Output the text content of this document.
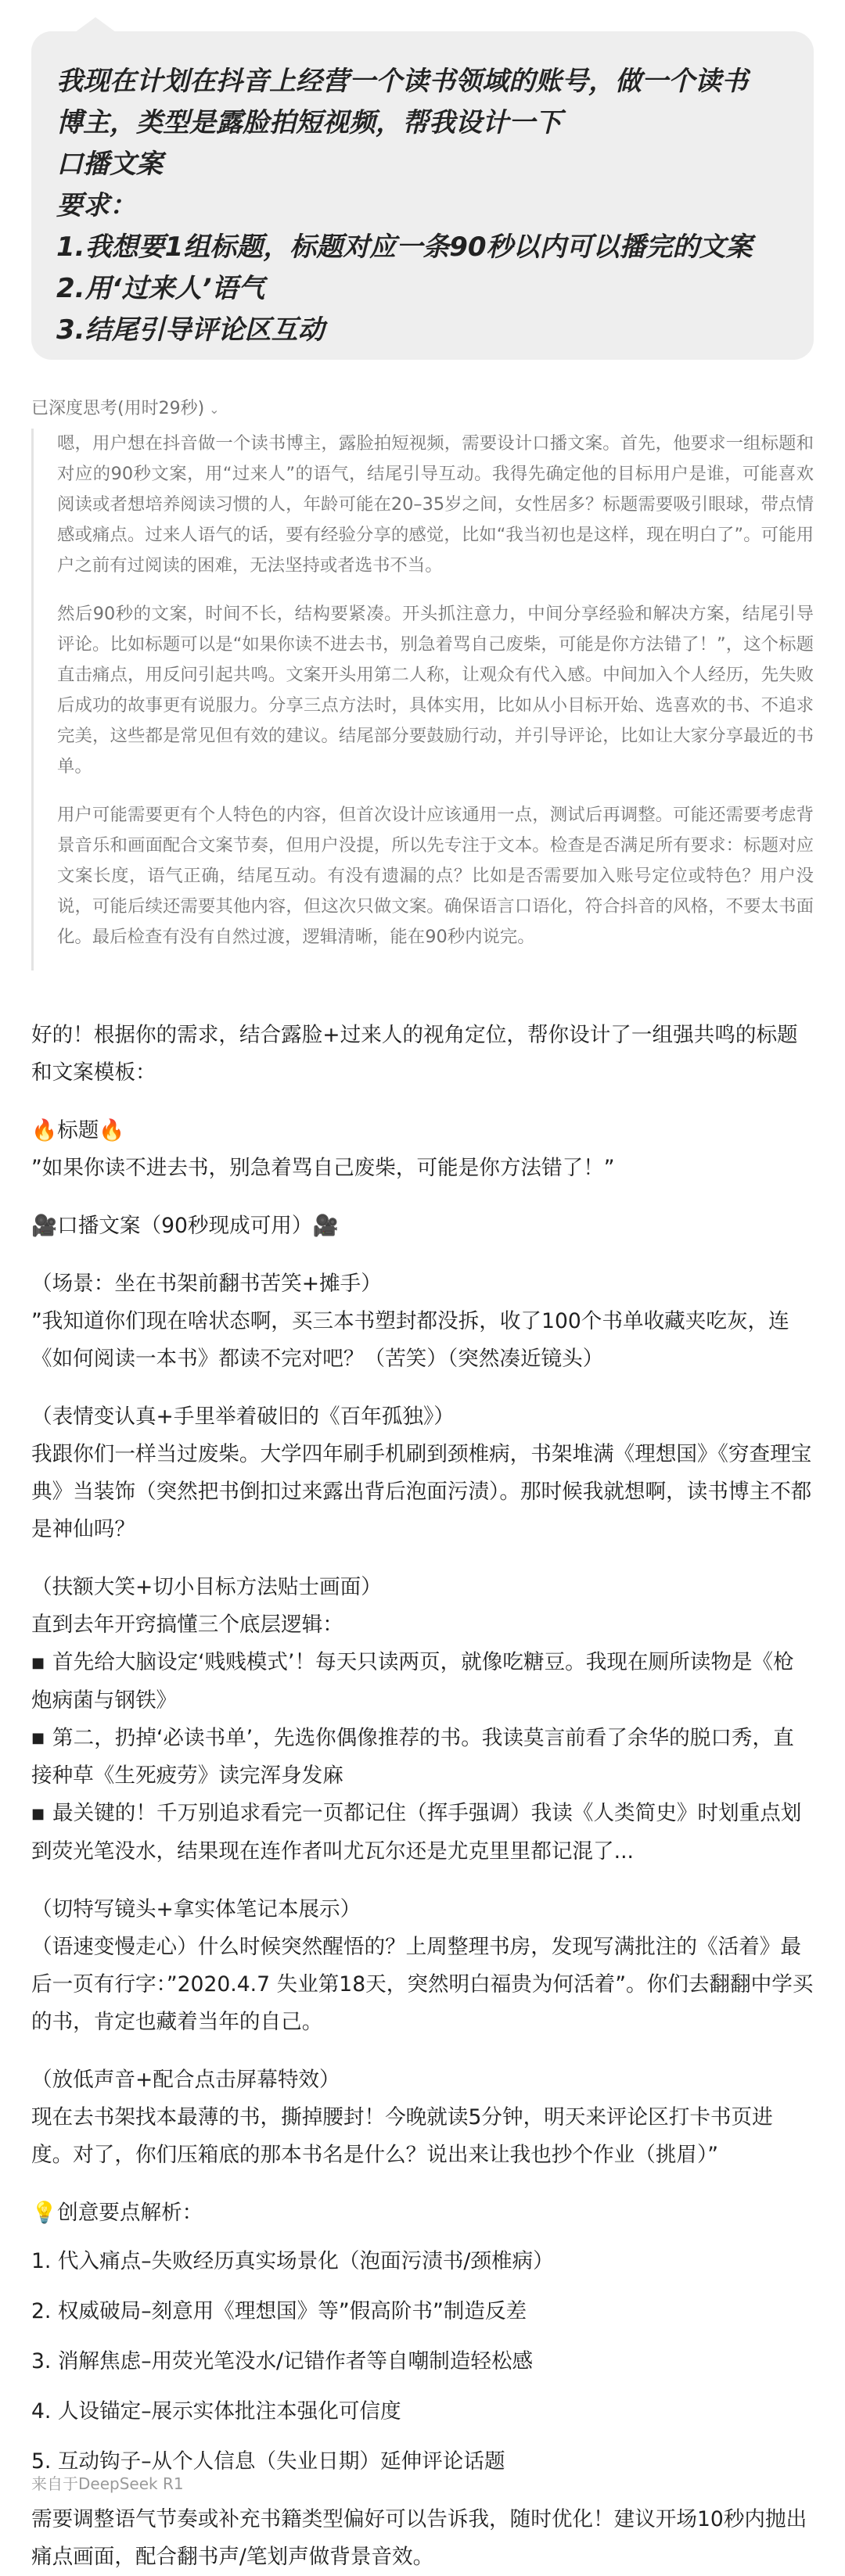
我现在计划在抖音上经营一个读书领域的账号，做一个读书
博主，类型是露脸拍短视频，帮我设计一下
口播文案
要求：
1.我想要1组标题，标题对应一条90秒以内可以播完的文案
2.用‘过来人’语气
3.结尾引导评论区互动
已深度思考(用时29秒) ⌄

嗯，用户想在抖音做一个读书博主，露脸拍短视频，需要设计口播文案。首先，他要求一组标题和对应的90秒文案，用“过来人”的语气，结尾引导互动。我得先确定他的目标用户是谁，可能喜欢阅读或者想培养阅读习惯的人，年龄可能在20–35岁之间，女性居多？标题需要吸引眼球，带点情感或痛点。过来人语气的话，要有经验分享的感觉，比如“我当初也是这样，现在明白了”。可能用户之前有过阅读的困难，无法坚持或者选书不当。

然后90秒的文案，时间不长，结构要紧凑。开头抓注意力，中间分享经验和解决方案，结尾引导评论。比如标题可以是“如果你读不进去书，别急着骂自己废柴，可能是你方法错了！”，这个标题直击痛点，用反问引起共鸣。文案开头用第二人称，让观众有代入感。中间加入个人经历，先失败后成功的故事更有说服力。分享三点方法时，具体实用，比如从小目标开始、选喜欢的书、不追求完美，这些都是常见但有效的建议。结尾部分要鼓励行动，并引导评论，比如让大家分享最近的书单。

用户可能需要更有个人特色的内容，但首次设计应该通用一点，测试后再调整。可能还需要考虑背景音乐和画面配合文案节奏，但用户没提，所以先专注于文本。检查是否满足所有要求：标题对应文案长度，语气正确，结尾互动。有没有遗漏的点？比如是否需要加入账号定位或特色？用户没说，可能后续还需要其他内容，但这次只做文案。确保语言口语化，符合抖音的风格，不要太书面化。最后检查有没有自然过渡，逻辑清晰，能在90秒内说完。

好的！根据你的需求，结合露脸+过来人的视角定位，帮你设计了一组强共鸣的标题和文案模板：

🔥标题🔥

”如果你读不进去书，别急着骂自己废柴，可能是你方法错了！”

🎥口播文案（90秒现成可用）🎥

（场景：坐在书架前翻书苦笑+摊手）

”我知道你们现在啥状态啊，买三本书塑封都没拆，收了100个书单收藏夹吃灰，连《如何阅读一本书》都读不完对吧？（苦笑）（突然凑近镜头）

（表情变认真+手里举着破旧的《百年孤独》）

我跟你们一样当过废柴。大学四年刷手机刷到颈椎病，书架堆满《理想国》《穷查理宝典》当装饰（突然把书倒扣过来露出背后泡面污渍）。那时候我就想啊，读书博主不都是神仙吗？

（扶额大笑+切小目标方法贴士画面）

直到去年开窍搞懂三个底层逻辑：

■ 首先给大脑设定‘贱贱模式’！每天只读两页，就像吃糖豆。我现在厕所读物是《枪炮病菌与钢铁》

■ 第二，扔掉‘必读书单’，先选你偶像推荐的书。我读莫言前看了余华的脱口秀，直接种草《生死疲劳》读完浑身发麻

■ 最关键的！千万别追求看完一页都记住（挥手强调）我读《人类简史》时划重点划到荧光笔没水，结果现在连作者叫尤瓦尔还是尤克里里都记混了...

（切特写镜头+拿实体笔记本展示）

（语速变慢走心）什么时候突然醒悟的？上周整理书房，发现写满批注的《活着》最后一页有行字：”2020.4.7 失业第18天，突然明白福贵为何活着”。你们去翻翻中学买的书，肯定也藏着当年的自己。

（放低声音+配合点击屏幕特效）

现在去书架找本最薄的书，撕掉腰封！今晚就读5分钟，明天来评论区打卡书页进度。对了，你们压箱底的那本书名是什么？说出来让我也抄个作业（挑眉）”

💡创意要点解析：

1. 代入痛点–失败经历真实场景化（泡面污渍书/颈椎病）
2. 权威破局–刻意用《理想国》等”假高阶书”制造反差
3. 消解焦虑–用荧光笔没水/记错作者等自嘲制造轻松感
4. 人设锚定–展示实体批注本强化可信度
5. 互动钩子–从个人信息（失业日期）延伸评论话题

需要调整语气节奏或补充书籍类型偏好可以告诉我，随时优化！建议开场10秒内抛出痛点画面，配合翻书声/笔划声做背景音效。

来自于DeepSeek R1
